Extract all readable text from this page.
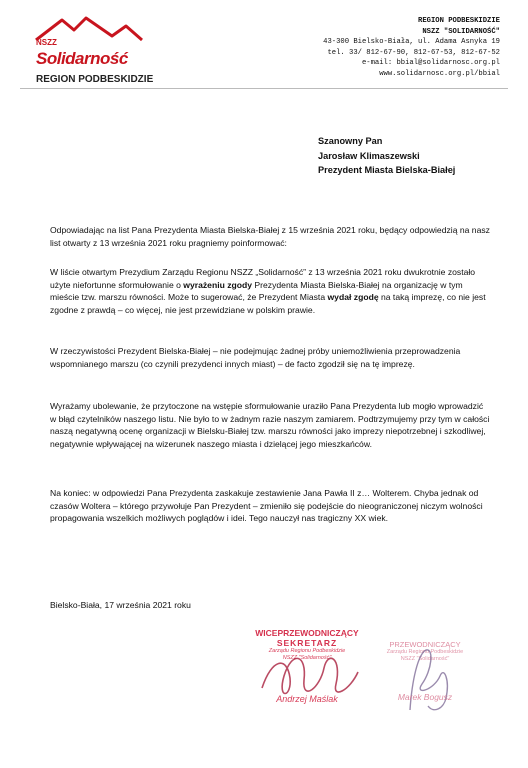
NSZZ
Solidarność
REGION PODBESKIDZIE
REGION PODBESKIDZIE
NSZZ "SOLIDARNOŚĆ"
43-300 Bielsko-Biała, ul. Adama Asnyka 19
tel. 33/ 812-67-90, 812-67-53, 812-67-52
e-mail: bbial@solidarnosc.org.pl
www.solidarnosc.org.pl/bbial
Szanowny Pan
Jarosław Klimaszewski
Prezydent Miasta Bielska-Białej

Odpowiadając na list Pana Prezydenta Miasta Bielska-Białej z 15 września 2021 roku, będący odpowiedzią na nasz list otwarty z 13 września 2021 roku pragniemy poinformować:

W liście otwartym Prezydium Zarządu Regionu NSZZ „Solidarność” z 13 września 2021 roku dwukrotnie zostało użyte niefortunne sformułowanie o wyrażeniu zgody Prezydenta Miasta Bielska-Białej na organizację w tym mieście tzw. marszu równości. Może to sugerować, że Prezydent Miasta wydał zgodę na taką imprezę, co nie jest zgodne z prawdą – co więcej, nie jest przewidziane w polskim prawie.

W rzeczywistości Prezydent Bielska-Białej – nie podejmując żadnej próby uniemożliwienia przeprowadzenia wspomnianego marszu (co czynili prezydenci innych miast) – de facto zgodził się na tę imprezę.

Wyrażamy ubolewanie, że przytoczone na wstępie sformułowanie uraziło Pana Prezydenta lub mogło wprowadzić w błąd czytelników naszego listu. Nie było to w żadnym razie naszym zamiarem. Podtrzymujemy przy tym w całości naszą negatywną ocenę organizacji w Bielsku-Białej tzw. marszu równości jako imprezy niepotrzebnej i szkodliwej, negatywnie wpływającej na wizerunek naszego miasta i dzielącej jego mieszkańców.

Na koniec: w odpowiedzi Pana Prezydenta zaskakuje zestawienie Jana Pawła II z… Wolterem. Chyba jednak od czasów Woltera – którego przywołuje Pan Prezydent – zmieniło się podejście do nieograniczonej niczym wolności propagowania wszelkich możliwych poglądów i idei. Tego nauczył nas tragiczny XX wiek.

Bielsko-Biała, 17 września 2021 roku
WICEPRZEWODNICZĄCY
SEKRETARZ
Zarządu Regionu Podbeskidzie
NSZZ "Solidarność"
Andrzej Maślak
PRZEWODNICZĄCY
Zarządu Regionu Podbeskidzie
NSZZ "Solidarność"
Marek Bogusz
